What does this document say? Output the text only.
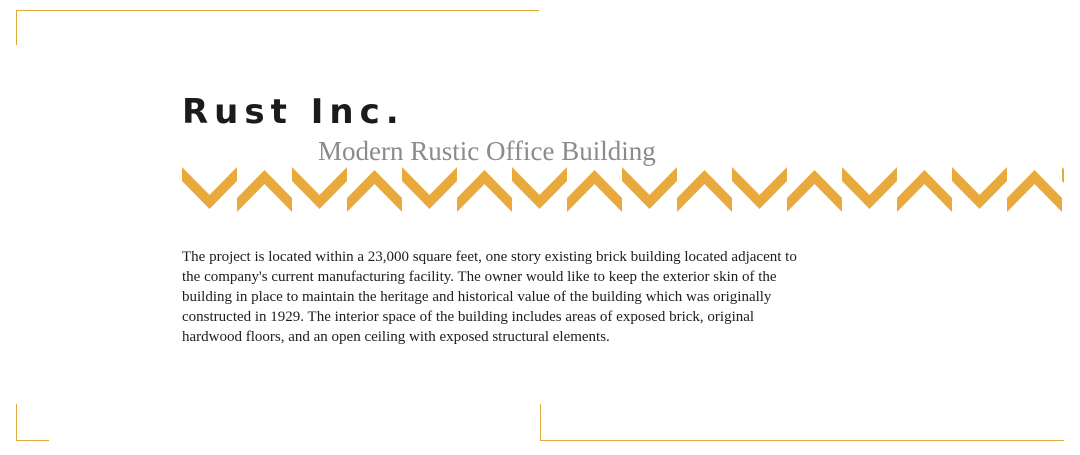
Rust Inc.
Modern Rustic Office Building
The project is located within a 23,000 square feet, one story existing brick building located adjacent to the company's current manufacturing facility. The owner would like to keep the exterior skin of the building in place to maintain the heritage and historical value of the building which was originally constructed in 1929. The interior space of the building includes areas of exposed brick, original hardwood floors, and an open ceiling with exposed structural elements.
